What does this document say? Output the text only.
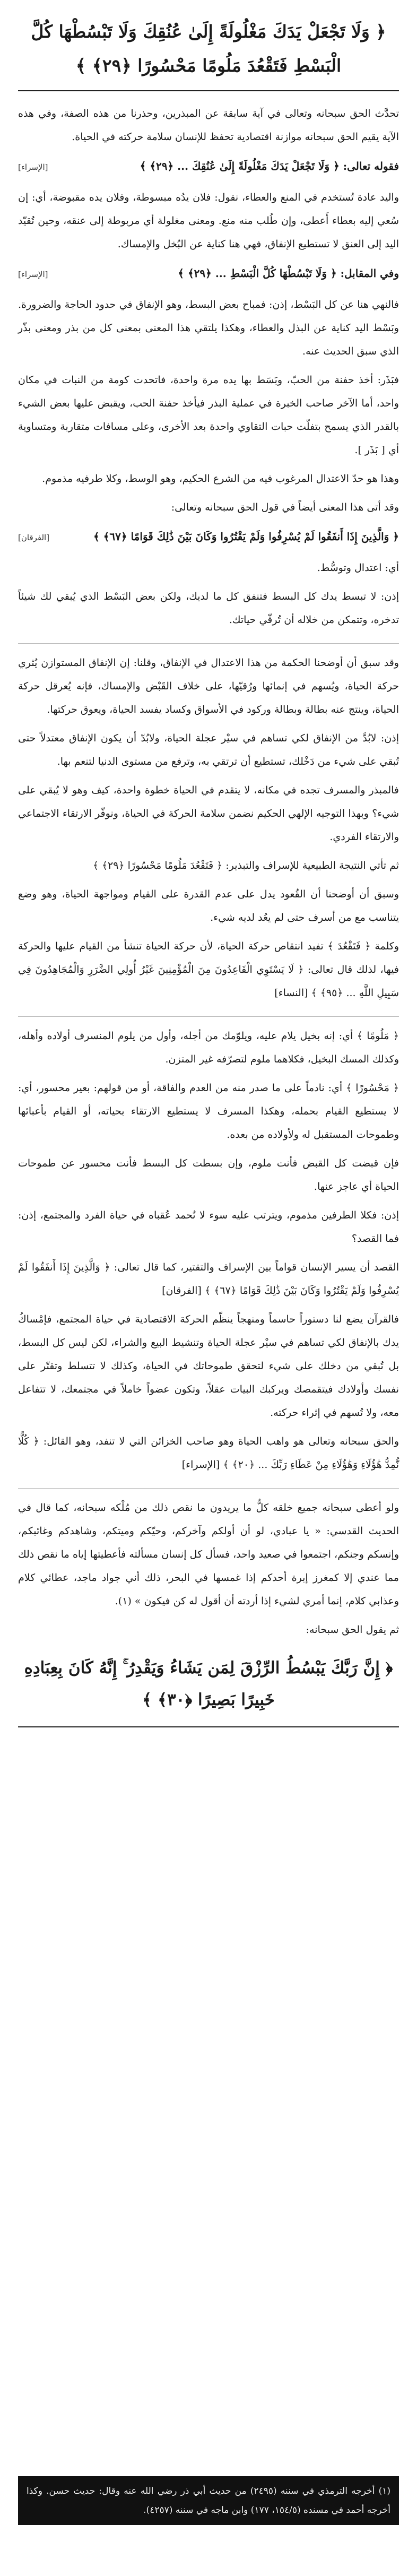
﴿ وَلَا تَجْعَلْ يَدَكَ مَغْلُولَةً إِلَىٰ عُنُقِكَ وَلَا تَبْسُطْهَا كُلَّ الْبَسْطِ فَتَقْعُدَ مَلُومًا مَحْسُورًا ﴿٢٩﴾ ﴾

تحدَّث الحق سبحانه وتعالى في آية سابقة عن المبذرين، وحذرنا من هذه الصفة، وفي هذه الآية يقيم الحق سبحانه موازنة اقتصادية تحفظ للإنسان سلامة حركته في الحياة.

فقوله تعالى: ﴿ وَلَا تَجْعَلْ يَدَكَ مَغْلُولَةً إِلَىٰ عُنُقِكَ ... ﴿٢٩﴾ ﴾
[الإسراء]

واليد عادة تُستخدم في المنع والعطاء، نقول: فلان يدُه مبسوطة، وفلان يده مقبوضة، أي: إن سُعي إليه بعطاء أَعطى، وإن طُلب منه منع. ومعنى مغلولة أي مربوطة إلى عنقه، وحين تُقيّد اليد إلى العنق لا تستطيع الإنفاق، فهي هنا كناية عن البُخل والإمساك.

وفي المقابل: ﴿ وَلَا تَبْسُطْهَا كُلَّ الْبَسْطِ ... ﴿٢٩﴾ ﴾
[الإسراء]

فالنهي هنا عن كل البَسْط، إذن: فمباح بعض البسط، وهو الإنفاق في حدود الحاجة والضرورة. وبَسْط اليد كناية عن البذل والعطاء، وهكذا يلتقي هذا المعنى بمعنى كل من بذر ومعنى بذّر الذي سبق الحديث عنه.

فبَذَر: أخذ حفنة من الحبّ، وبَسَط بها يده مرة واحدة، فاتحدت كومة من النبات في مكان واحد، أما الآخر صاحب الخبرة في عملية البذر فيأخذ حفنة الحب، ويقبض عليها بعض الشيء بالقدر الذي يسمح بتفلّت حبات التقاوي واحدة بعد الأخرى، وعلى مسافات متقاربة ومتساوية أي [ بَذَر ].

وهذا هو حدّ الاعتدال المرغوب فيه من الشرع الحكيم، وهو الوسط، وكلا طرفيه مذموم.

وقد أتى هذا المعنى أيضاً في قول الحق سبحانه وتعالى:

﴿ وَالَّذِينَ إِذَا أَنفَقُوا لَمْ يُسْرِفُوا وَلَمْ يَقْتُرُوا وَكَانَ بَيْنَ ذَٰلِكَ قَوَامًا ﴿٦٧﴾ ﴾
[الفرقان]

أي: اعتدال وتوسُّط.

إذن: لا تبسط يدك كل البسط فتنفق كل ما لديك، ولكن بعض البَسْط الذي يُبقي لك شيئاً تدخره، وتتمكن من خلاله أن تُرقّي حياتك.

وقد سبق أن أوضحنا الحكمة من هذا الاعتدال في الإنفاق، وقلنا: إن الإنفاق المستوازن يُثري حركة الحياة، ويُسهم في إنمائها ورُقيّها، على خلاف القَبْض والإمساك، فإنه يُعرقل حركة الحياة، وينتج عنه بطالة وبطالة وركود في الأسواق وكساد يفسد الحياة، ويعوق حركتها.

إذن: لابُدَّ من الإنفاق لكي تساهم في سيْر عجلة الحياة، ولابُدّ أن يكون الإنفاق معتدلاً حتى تُبقي على شيء من دَخْلك، تستطيع أن ترتقي به، وترفع من مستوى الدنيا لتنعم بها.

فالمبذر والمسرف تجده في مكانه، لا يتقدم في الحياة خطوة واحدة، كيف وهو لا يُبقي على شيء؟ وبهذا التوجيه الإلهي الحكيم نضمن سلامة الحركة في الحياة، ونوفّر الارتقاء الاجتماعي والارتقاء الفردي.

ثم تأتي النتيجة الطبيعية للإسراف والتبذير: ﴿ فَتَقْعُدَ مَلُومًا مَحْسُورًا ﴿٢٩﴾ ﴾

وسبق أن أوضحنا أن القُعود يدل على عدم القدرة على القيام ومواجهة الحياة، وهو وضع يتناسب مع من أسرف حتى لم يعُد لديه شيء.

وكلمة ﴿ فَتَقْعُدَ ﴾ تفيد انتقاص حركة الحياة، لأن حركة الحياة تنشأ من القيام عليها والحركة فيها، لذلك قال تعالى: ﴿ لَا يَسْتَوِي الْقَاعِدُونَ مِنَ الْمُؤْمِنِينَ غَيْرُ أُولِي الضَّرَرِ وَالْمُجَاهِدُونَ فِي سَبِيلِ اللَّهِ ... ﴿٩٥﴾ ﴾ [النساء]

﴿ مَلُومًا ﴾ أي: إنه بخيل يلام عليه، ويلوّمك من أجله، وأول من يلوم المنسرف أولاده وأهله، وكذلك المسك البخيل، فكلاهما ملوم لتصرّفه غير المتزن.

﴿ مَحْسُورًا ﴾ أي: نادماً على ما صدر منه من العدم والفاقة، أو من قولهم: بعير محسور، أي: لا يستطيع القيام بحمله، وهكذا المسرف لا يستطيع الارتقاء بحياته، أو القيام بأعبائها وطموحات المستقبل له ولأولاده من بعده.

فإن قبضت كل القبض فأنت ملوم، وإن بسطت كل البسط فأنت محسور عن طموحات الحياة أي عاجز عنها.

إذن: فكلا الطرفين مذموم، ويترتب عليه سوء لا تُحمد عُقباه في حياة الفرد والمجتمع، إذن: فما القصد؟

القصد أن يسير الإنسان قواماً بين الإسراف والتقتير، كما قال تعالى: ﴿ وَالَّذِينَ إِذَا أَنفَقُوا لَمْ يُسْرِفُوا وَلَمْ يَقْتُرُوا وَكَانَ بَيْنَ ذَٰلِكَ قَوَامًا ﴿٦٧﴾ ﴾ [الفرقان]

فالقرآن يضع لنا دستوراً حاسماً ومنهجاً ينظّم الحركة الاقتصادية في حياة المجتمع، فإمْساكُ يدك بالإنفاق لكي تساهم في سيْر عجلة الحياة وتنشيط البيع والشراء، لكن ليس كل البسط، بل تُبقي من دخلك على شيء لتحقق طموحاتك في الحياة، وكذلك لا تتسلط وتقتّر على نفسك وأولادك فيتقمصك ويركبك البيات عقلاً، وتكون عضواً خاملاً في مجتمعك، لا تتفاعل معه، ولا تُسهم في إثراء حركته.

والحق سبحانه وتعالى هو واهب الحياة وهو صاحب الخزائن التي لا تنفد، وهو القائل: ﴿ كُلًّا نُّمِدُّ هَٰؤُلَاءِ وَهَٰؤُلَاءِ مِنْ عَطَاءِ رَبِّكَ ... ﴿٢٠﴾ ﴾ [الإسراء]

ولو أعطى سبحانه جميع خلقه كلٌّ ما يريدون ما نقص ذلك من مُلْكه سبحانه، كما قال في الحديث القدسي: « يا عبادي، لو أن أولكم وآخركم، وحيّكم وميتكم، وشاهدكم وغائبكم، وإنسكم وجنكم، اجتمعوا في صعيد واحد، فسأل كل إنسان مسألته فأعطيتها إياه ما نقص ذلك مما عندي إلا كمغرز إبرة أحدكم إذا غمسها في البحر، ذلك أني جواد ماجد، عطائي كلام وعذابي كلام، إنما أمري لشيء إذا أردته أن أقول له كن فيكون » (١).

ثم يقول الحق سبحانه:

﴿ إِنَّ رَبَّكَ يَبْسُطُ الرِّزْقَ لِمَن يَشَاءُ وَيَقْدِرُ ۚ إِنَّهُ كَانَ بِعِبَادِهِ خَبِيرًا بَصِيرًا ﴿٣٠﴾ ﴾
(١) أخرجه الترمذي في سننه (٢٤٩٥) من حديث أبي ذر رضي الله عنه وقال: حديث حسن. وكذا أخرجه أحمد في مسنده (١٥٤/٥، ١٧٧) وابن ماجه في سننه (٤٢٥٧).
